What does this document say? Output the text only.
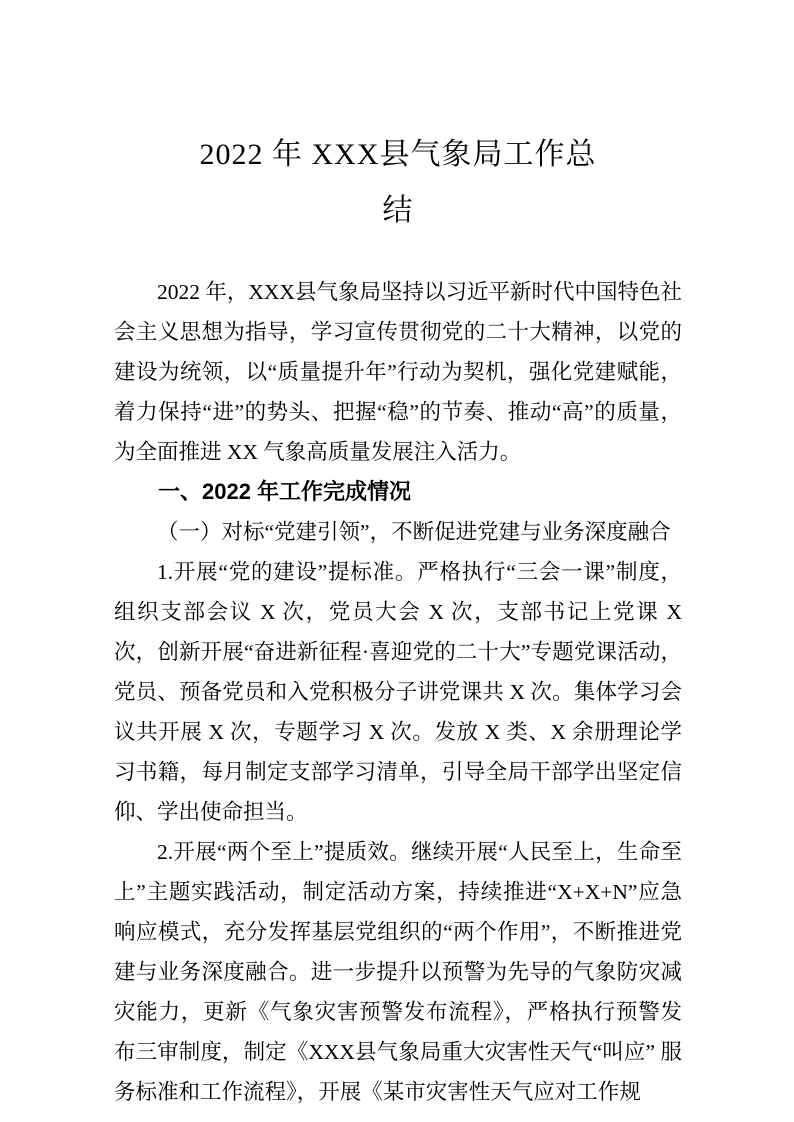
2022 年 XXX县气象局工作总
结

2022 年，XXX县气象局坚持以习近平新时代中国特色社会主义思想为指导，学习宣传贯彻党的二十大精神，以党的建设为统领，以“质量提升年”行动为契机，强化党建赋能，着力保持“进”的势头、把握“稳”的节奏、推动“高”的质量，为全面推进 XX 气象高质量发展注入活力。

一、2022 年工作完成情况
（一）对标“党建引领”，不断促进党建与业务深度融合

1.开展“党的建设”提标准。严格执行“三会一课”制度，组织支部会议 X 次，党员大会 X 次，支部书记上党课 X 次，创新开展“奋进新征程·喜迎党的二十大”专题党课活动， 党员、预备党员和入党积极分子讲党课共 X 次。集体学习会议共开展 X 次，专题学习 X 次。发放 X 类、X 余册理论学习书籍，每月制定支部学习清单，引导全局干部学出坚定信仰、学出使命担当。

2.开展“两个至上”提质效。继续开展“人民至上，生命至上”主题实践活动，制定活动方案，持续推进“X+X+N”应急响应模式，充分发挥基层党组织的“两个作用”，不断推进党建与业务深度融合。进一步提升以预警为先导的气象防灾减灾能力，更新《气象灾害预警发布流程》，严格执行预警发布三审制度，制定《XXX县气象局重大灾害性天气“叫应” 服务标准和工作流程》，开展《某市灾害性天气应对工作规
